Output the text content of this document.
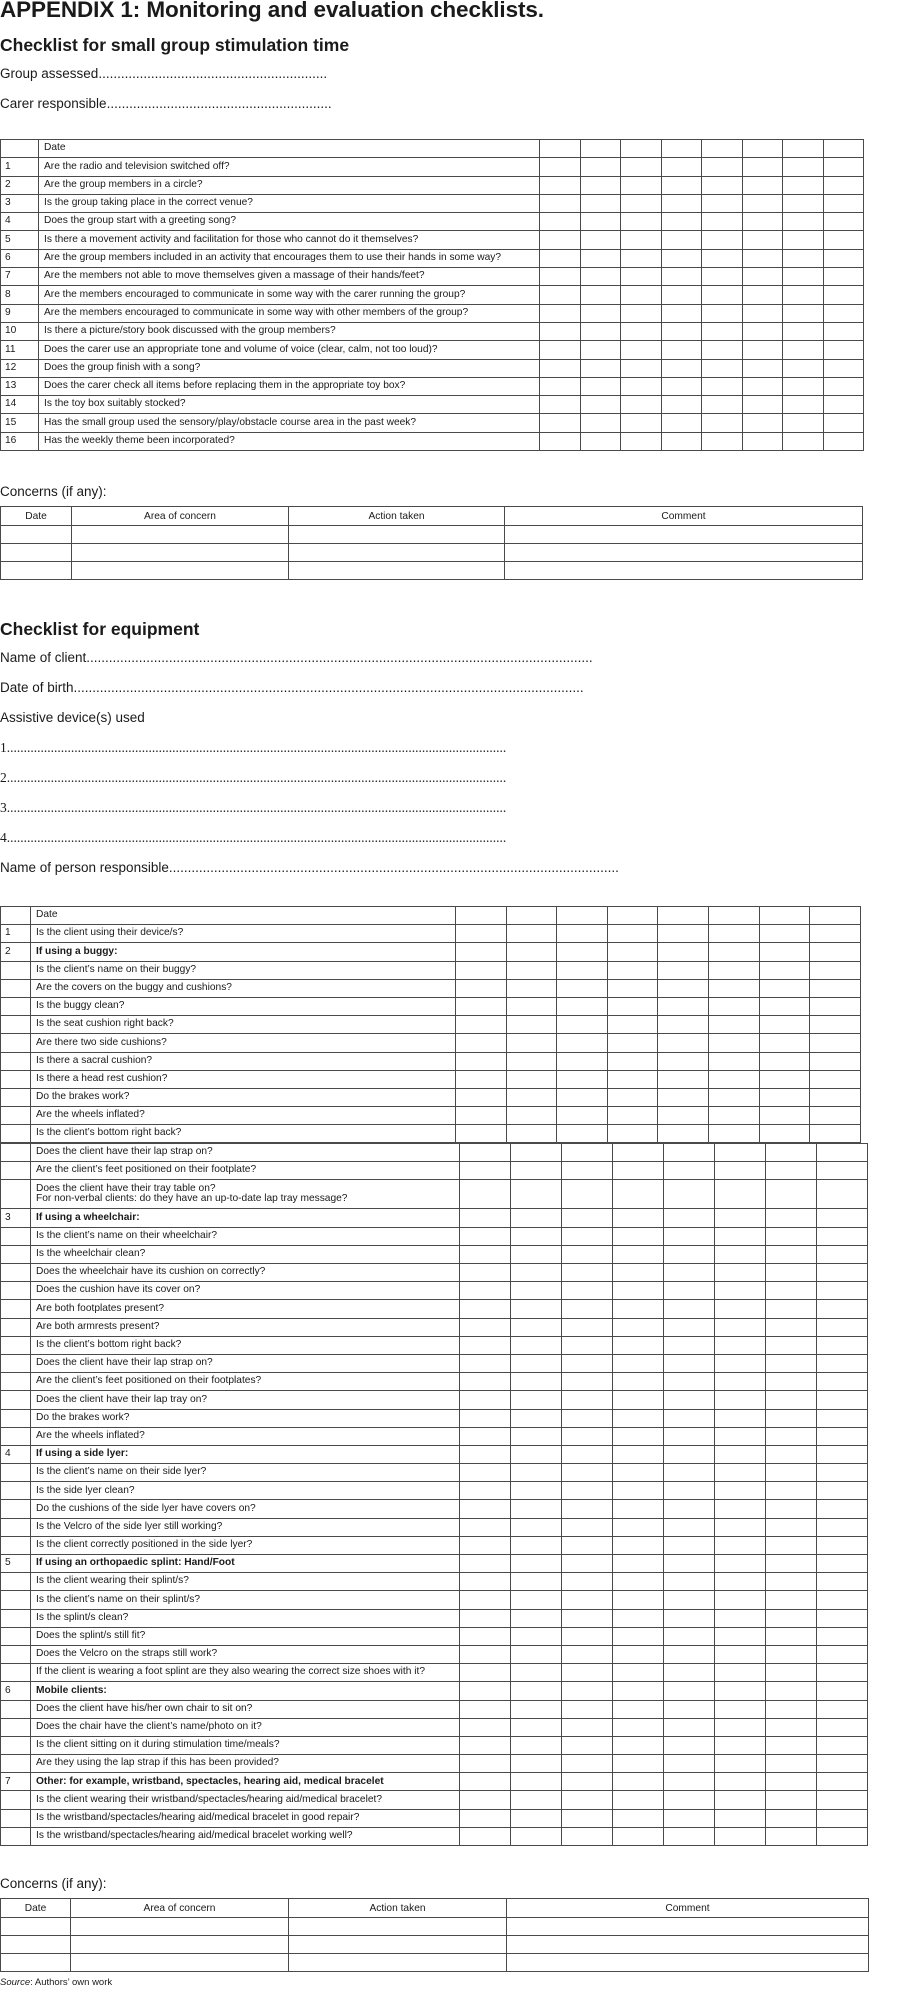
APPENDIX 1: Monitoring and evaluation checklists.
Checklist for small group stimulation time
Group assessed.............................................................
Carer responsible............................................................
	Date								
1	Are the radio and television switched off?								

2	Are the group members in a circle?								

3	Is the group taking place in the correct venue?								

4	Does the group start with a greeting song?								

5	Is there a movement activity and facilitation for those who cannot do it themselves?								

6	Are the group members included in an activity that encourages them to use their hands in some way?								

7	Are the members not able to move themselves given a massage of their hands/feet?								

8	Are the members encouraged to communicate in some way with the carer running the group?								

9	Are the members encouraged to communicate in some way with other members of the group?								

10	Is there a picture/story book discussed with the group members?								

11	Does the carer use an appropriate tone and volume of voice (clear, calm, not too loud)?								

12	Does the group finish with a song?								

13	Does the carer check all items before replacing them in the appropriate toy box?								

14	Is the toy box suitably stocked?								

15	Has the small group used the sensory/play/obstacle course area in the past week?								

16	Has the weekly theme been incorporated?								

Concerns (if any):
Date	Area of concern	Action taken	Comment

Checklist for equipment
Name of client.......................................................................................................................................
Date of birth........................................................................................................................................
Assistive device(s) used
1....................................................................................................................................................
2....................................................................................................................................................
3....................................................................................................................................................
4....................................................................................................................................................
Name of person responsible........................................................................................................................
	Date								
1	Is the client using their device/s?								

2	If using a buggy:								

	Is the client’s name on their buggy?								

	Are the covers on the buggy and cushions?								

	Is the buggy clean?								

	Is the seat cushion right back?								

	Are there two side cushions?								

	Is there a sacral cushion?								

	Is there a head rest cushion?								

	Do the brakes work?								

	Are the wheels inflated?								

	Is the client’s bottom right back?								

	Does the client have their lap strap on?								

	Are the client’s feet positioned on their footplate?								

	Does the client have their tray table on?
For non-verbal clients: do they have an up-to-date lap tray message?								

3	If using a wheelchair:								

	Is the client’s name on their wheelchair?								

	Is the wheelchair clean?								

	Does the wheelchair have its cushion on correctly?								

	Does the cushion have its cover on?								

	Are both footplates present?								

	Are both armrests present?								

	Is the client’s bottom right back?								

	Does the client have their lap strap on?								

	Are the client’s feet positioned on their footplates?								

	Does the client have their lap tray on?								

	Do the brakes work?								

	Are the wheels inflated?								

4	If using a side lyer:								

	Is the client’s name on their side lyer?								

	Is the side lyer clean?								

	Do the cushions of the side lyer have covers on?								

	Is the Velcro of the side lyer still working?								

	Is the client correctly positioned in the side lyer?								

5	If using an orthopaedic splint: Hand/Foot								

	Is the client wearing their splint/s?								

	Is the client’s name on their splint/s?								

	Is the splint/s clean?								

	Does the splint/s still fit?								

	Does the Velcro on the straps still work?								

	If the client is wearing a foot splint are they also wearing the correct size shoes with it?								

6	Mobile clients:								

	Does the client have his/her own chair to sit on?								

	Does the chair have the client’s name/photo on it?								

	Is the client sitting on it during stimulation time/meals?								

	Are they using the lap strap if this has been provided?								

7	Other: for example, wristband, spectacles, hearing aid, medical bracelet								

	Is the client wearing their wristband/spectacles/hearing aid/medical bracelet?								

	Is the wristband/spectacles/hearing aid/medical bracelet in good repair?								

	Is the wristband/spectacles/hearing aid/medical bracelet working well?								

Concerns (if any):
Date	Area of concern	Action taken	Comment

Source: Authors’ own work
